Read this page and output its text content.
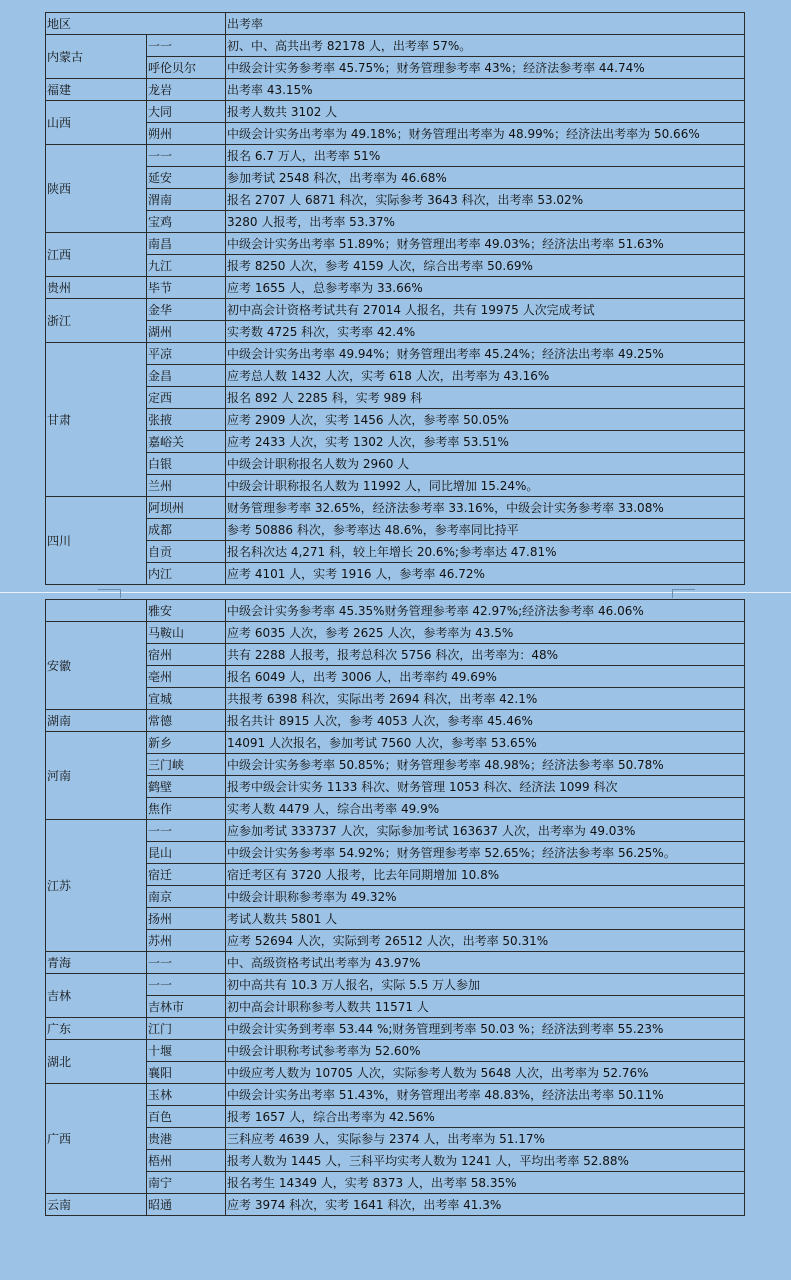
地区		出考率
内蒙古	一一	初、中、高共出考 82178 人，出考率 57%。
	呼伦贝尔	中级会计实务参考率 45.75%；财务管理参考率 43%；经济法参考率 44.74%
福建	龙岩	出考率 43.15%
山西	大同	报考人数共 3102 人
	朔州	中级会计实务出考率为 49.18%；财务管理出考率为 48.99%；经济法出考率为 50.66%
陕西	一一	报名 6.7 万人，出考率 51%
	延安	参加考试 2548 科次，出考率为 46.68%
	渭南	报名 2707 人 6871 科次，实际参考 3643 科次，出考率 53.02%
	宝鸡	3280 人报考，出考率 53.37%
江西	南昌	中级会计实务出考率 51.89%；财务管理出考率 49.03%；经济法出考率 51.63%
	九江	报考 8250 人次，参考 4159 人次，综合出考率 50.69%
贵州	毕节	应考 1655 人，总参考率为 33.66%
浙江	金华	初中高会计资格考试共有 27014 人报名，共有 19975 人次完成考试
	湖州	实考数 4725 科次，实考率 42.4%
甘肃	平凉	中级会计实务出考率 49.94%；财务管理出考率 45.24%；经济法出考率 49.25%
	金昌	应考总人数 1432 人次，实考 618 人次，出考率为 43.16%
	定西	报名 892 人 2285 科，实考 989 科
	张掖	应考 2909 人次，实考 1456 人次，参考率 50.05%
	嘉峪关	应考 2433 人次，实考 1302 人次，参考率 53.51%
	白银	中级会计职称报名人数为 2960 人
	兰州	中级会计职称报名人数为 11992 人，同比增加 15.24%。
四川	阿坝州	财务管理参考率 32.65%，经济法参考率 33.16%，中级会计实务参考率 33.08%
	成都	参考 50886 科次，参考率达 48.6%，参考率同比持平
	自贡	报名科次达 4,271 科，较上年增长 20.6%;参考率达 47.81%
	内江	应考 4101 人，实考 1916 人，参考率 46.72%
	雅安	中级会计实务参考率 45.35%财务管理参考率 42.97%;经济法参考率 46.06%
安徽	马鞍山	应考 6035 人次，参考 2625 人次，参考率为 43.5%
	宿州	共有 2288 人报考，报考总科次 5756 科次，出考率为：48%
	亳州	报名 6049 人，出考 3006 人，出考率约 49.69%
	宣城	共报考 6398 科次，实际出考 2694 科次，出考率 42.1%
湖南	常德	报名共计 8915 人次，参考 4053 人次，参考率 45.46%
河南	新乡	14091 人次报名，参加考试 7560 人次，参考率 53.65%
	三门峡	中级会计实务参考率 50.85%；财务管理参考率 48.98%；经济法参考率 50.78%
	鹤壁	报考中级会计实务 1133 科次、财务管理 1053 科次、经济法 1099 科次
	焦作	实考人数 4479 人，综合出考率 49.9%
江苏	一一	应参加考试 333737 人次，实际参加考试 163637 人次，出考率为 49.03%
	昆山	中级会计实务参考率 54.92%；财务管理参考率 52.65%；经济法参考率 56.25%。
	宿迁	宿迁考区有 3720 人报考，比去年同期增加 10.8%
	南京	中级会计职称参考率为 49.32%
	扬州	考试人数共 5801 人
	苏州	应考 52694 人次，实际到考 26512 人次，出考率 50.31%
青海	一一	中、高级资格考试出考率为 43.97%
吉林	一一	初中高共有 10.3 万人报名，实际 5.5 万人参加
	吉林市	初中高会计职称参考人数共 11571 人
广东	江门	中级会计实务到考率 53.44 %;财务管理到考率 50.03 %；经济法到考率 55.23%
湖北	十堰	中级会计职称考试参考率为 52.60%
	襄阳	中级应考人数为 10705 人次，实际参考人数为 5648 人次，出考率为 52.76%
广西	玉林	中级会计实务出考率 51.43%，财务管理出考率 48.83%，经济法出考率 50.11%
	百色	报考 1657 人，综合出考率为 42.56%
	贵港	三科应考 4639 人，实际参与 2374 人，出考率为 51.17%
	梧州	报考人数为 1445 人，三科平均实考人数为 1241 人，平均出考率 52.88%
	南宁	报名考生 14349 人，实考 8373 人，出考率 58.35%
云南	昭通	应考 3974 科次，实考 1641 科次，出考率 41.3%
